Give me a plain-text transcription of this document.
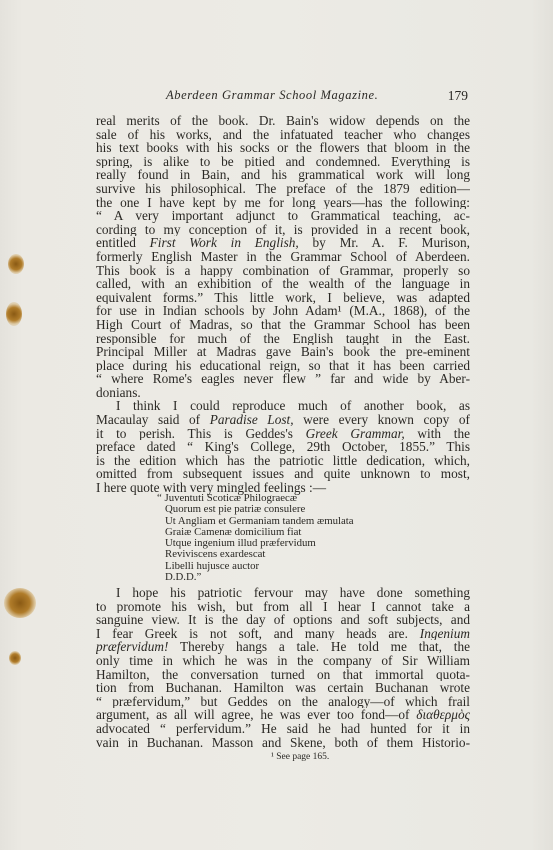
Aberdeen Grammar School Magazine.	179
real merits of the book. Dr. Bain's widow depends on the
sale of his works, and the infatuated teacher who changes
his text books with his socks or the flowers that bloom in the
spring, is alike to be pitied and condemned. Everything is
really found in Bain, and his grammatical work will long
survive his philosophical. The preface of the 1879 edition—
the one I have kept by me for long years—has the following:
“ A very important adjunct to Grammatical teaching, ac-
cording to my conception of it, is provided in a recent book,
entitled First Work in English, by Mr. A. F. Murison,
formerly English Master in the Grammar School of Aberdeen.
This book is a happy combination of Grammar, properly so
called, with an exhibition of the wealth of the language in
equivalent forms.” This little work, I believe, was adapted
for use in Indian schools by John Adam¹ (M.A., 1868), of the
High Court of Madras, so that the Grammar School has been
responsible for much of the English taught in the East.
Principal Miller at Madras gave Bain's book the pre-eminent
place during his educational reign, so that it has been carried
“ where Rome's eagles never flew ” far and wide by Aber-
donians.
I think I could reproduce much of another book, as
Macaulay said of Paradise Lost, were every known copy of
it to perish. This is Geddes's Greek Grammar, with the
preface dated “ King's College, 29th October, 1855.” This
is the edition which has the patriotic little dedication, which,
omitted from subsequent issues and quite unknown to most,
I here quote with very mingled feelings :—
“ Juventuti Scoticæ Philograecæ
Quorum est pie patriæ consulere
Ut Angliam et Germaniam tandem æmulata
Graiæ Camenæ domicilium fiat
Utque ingenium illud præfervidum
Reviviscens exardescat
Libelli hujusce auctor
D.D.D.”
I hope his patriotic fervour may have done something
to promote his wish, but from all I hear I cannot take a
sanguine view. It is the day of options and soft subjects, and
I fear Greek is not soft, and many heads are. Ingenium
præfervidum! Thereby hangs a tale. He told me that, the
only time in which he was in the company of Sir William
Hamilton, the conversation turned on that immortal quota-
tion from Buchanan. Hamilton was certain Buchanan wrote
“ præfervidum,” but Geddes on the analogy—of which frail
argument, as all will agree, he was ever too fond—of διαθερμὸς
advocated “ perfervidum.” He said he had hunted for it in
vain in Buchanan. Masson and Skene, both of them Historio-
¹ See page 165.
